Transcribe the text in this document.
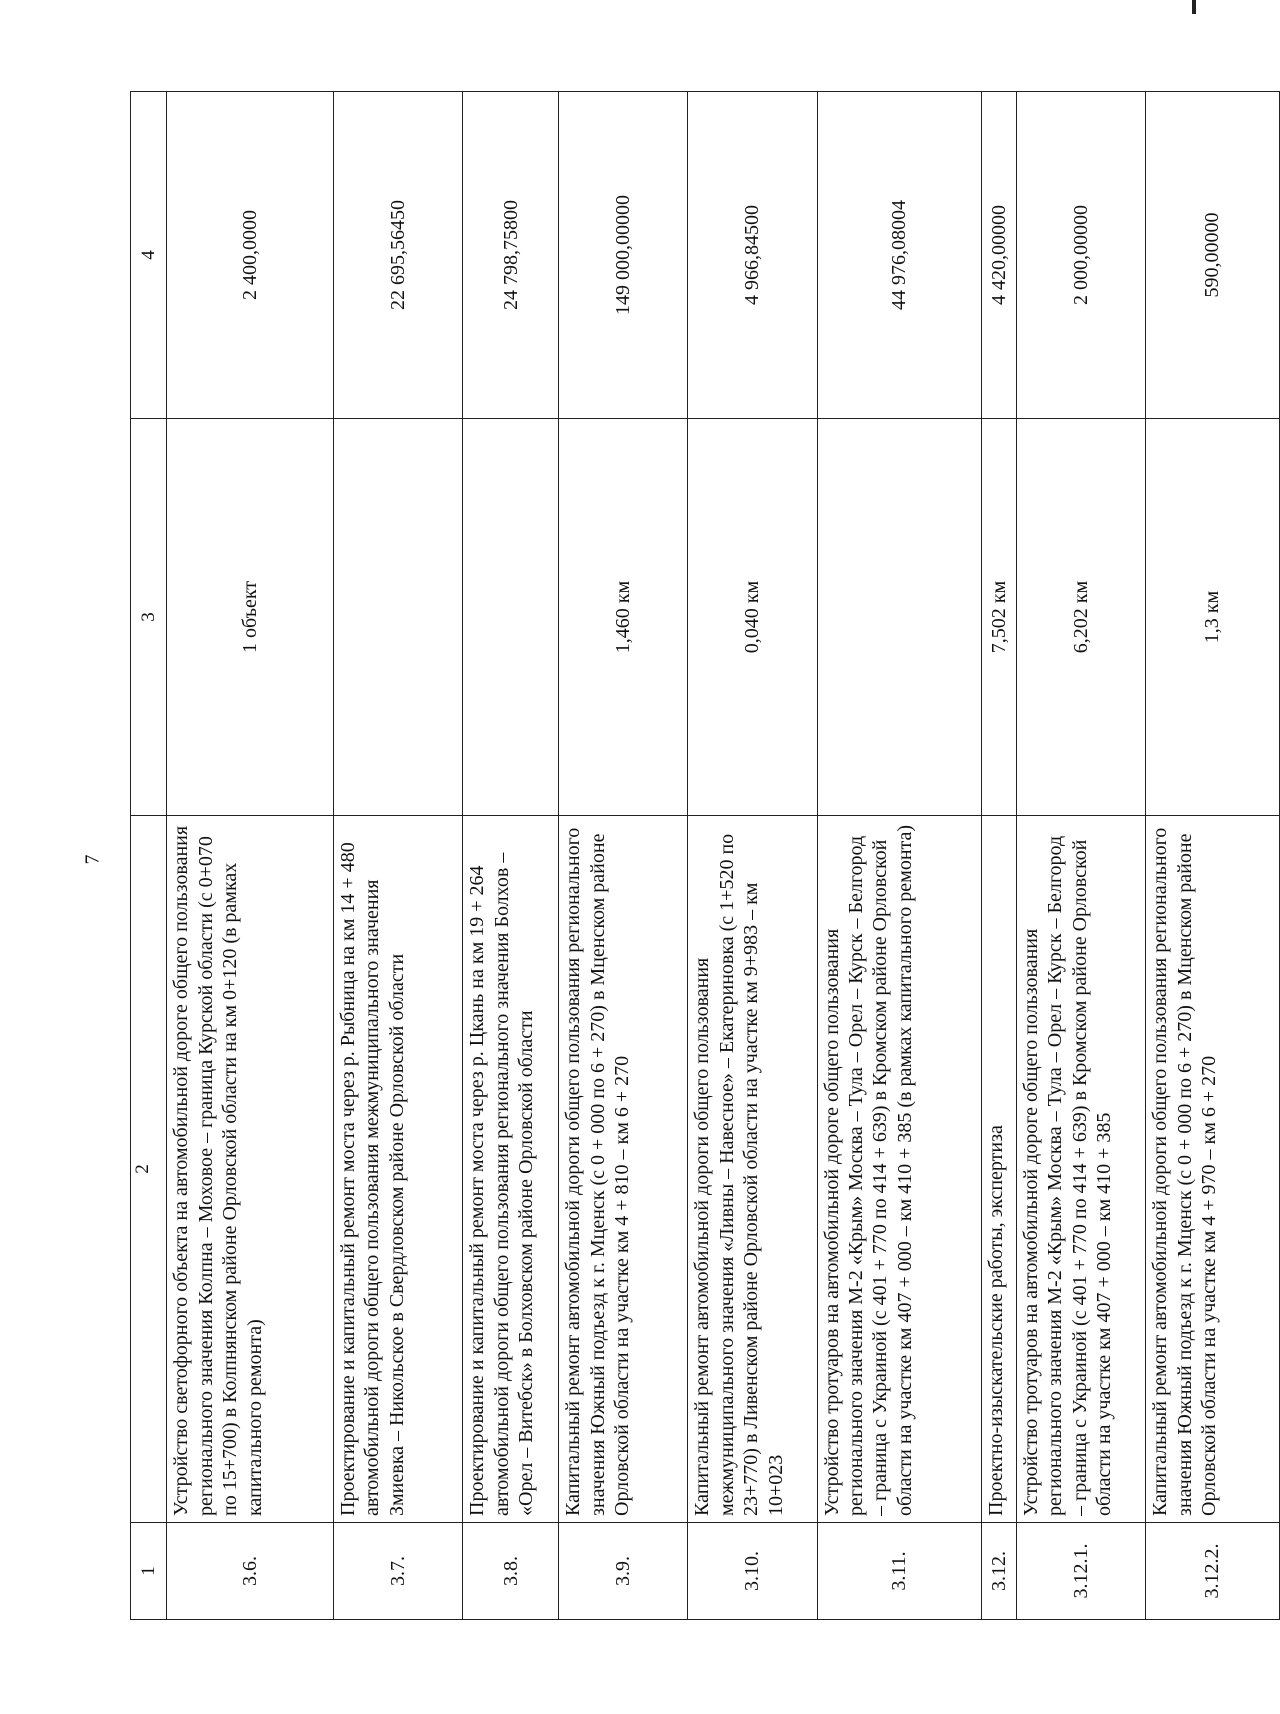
7
1	2	3	4
3.6.	Устройство светофорного объекта на автомобильной дороге общего пользования регионального значения Колпна – Моховое – граница Курской области (с 0+070 по 15+700) в Колпнянском районе Орловской области на км 0+120 (в рамках капитального ремонта)	1 объект	2 400,0000
3.7.	Проектирование и капитальный ремонт моста через р. Рыбница на км 14 + 480 автомобильной дороги общего пользования межмуниципального значения Змиевка – Никольское в Свердловском районе Орловской области		22 695,56450
3.8.	Проектирование и капитальный ремонт моста через р. Цкань на км 19 + 264 автомобильной дороги общего пользования регионального значения Болхов – «Орел – Витебск» в Болховском районе Орловской области		24 798,75800
3.9.	Капитальный ремонт автомобильной дороги общего пользования регионального значения Южный подъезд к г. Мценск (с 0 + 000 по 6 + 270) в Мценском районе Орловской области на участке км 4 + 810 – км 6 + 270	1,460 км	149 000,00000
3.10.	Капитальный ремонт автомобильной дороги общего пользования межмуниципального значения «Ливны – Навесное» – Екатериновка (с 1+520 по 23+770) в Ливенском районе Орловской области на участке км 9+983 – км 10+023	0,040 км	4 966,84500
3.11.	Устройство тротуаров на автомобильной дороге общего пользования регионального значения М-2 «Крым» Москва – Тула – Орел – Курск – Белгород – граница с Украиной (с 401 + 770 по 414 + 639) в Кромском районе Орловской области на участке км 407 + 000 – км 410 + 385 (в рамках капитального ремонта)		44 976,08004
3.12.	Проектно-изыскательские работы, экспертиза	7,502 км	4 420,00000
3.12.1.	Устройство тротуаров на автомобильной дороге общего пользования регионального значения М-2 «Крым» Москва – Тула – Орел – Курск – Белгород – граница с Украиной (с 401 + 770 по 414 + 639) в Кромском районе Орловской области на участке км 407 + 000 – км 410 + 385	6,202 км	2 000,00000
3.12.2.	Капитальный ремонт автомобильной дороги общего пользования регионального значения Южный подъезд к г. Мценск (с 0 + 000 по 6 + 270) в Мценском районе Орловской области на участке км 4 + 970 – км 6 + 270	1,3 км	590,00000
